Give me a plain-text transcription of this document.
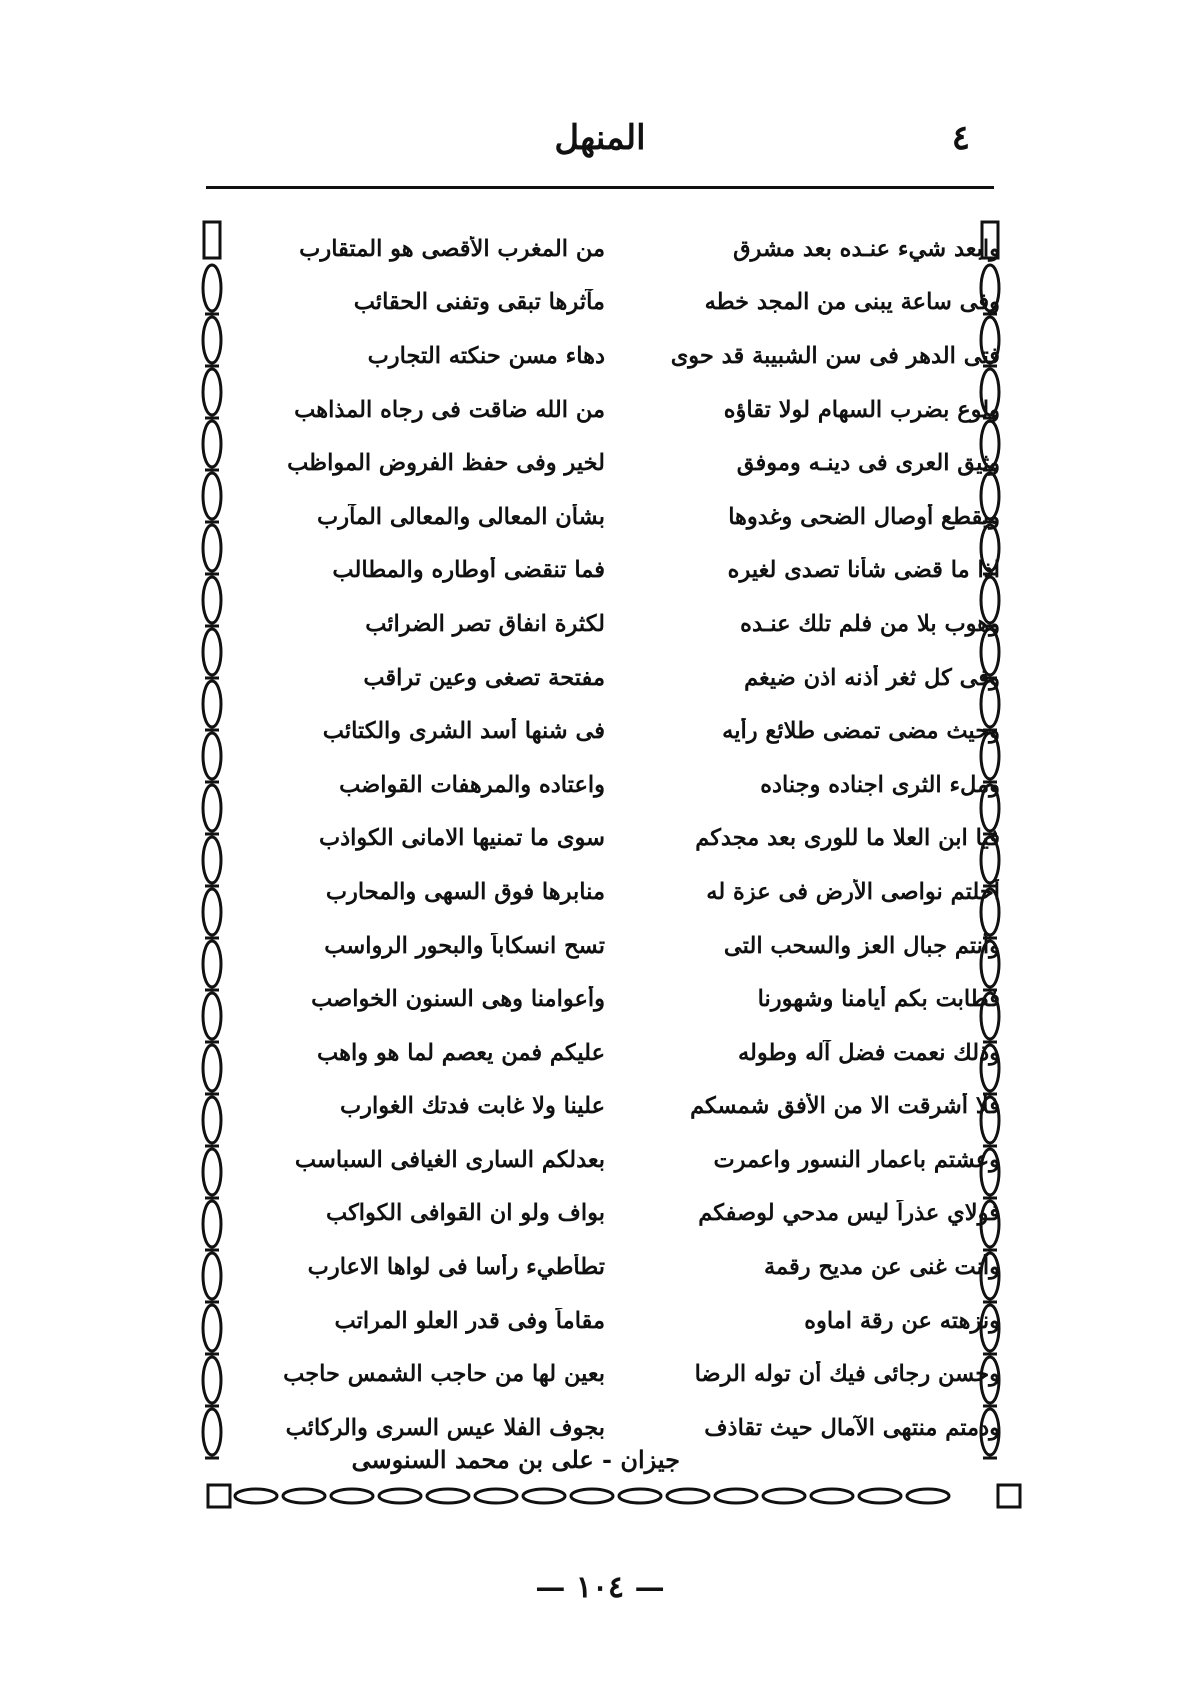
٤
المنهل
وابعد شيء عنـده بعد مشرق
من المغرب الأقصى هو المتقارب
وفى ساعة يبنى من المجد خطه
مآثرها تبقى وتفنى الحقائب
فتى الدهر فى سن الشبيبة قد حوى
دهاء مسن حنكته التجارب
ولوع بضرب السهام لولا تقاؤه
من الله ضاقت فى رجاه المذاهب
وثيق العرى فى دينـه وموفق
لخير وفى حفظ الفروض المواظب
ويقطع أوصال الضحى وغدوها
بشأن المعالى والمعالى المآرب
اذا ما قضى شأنا تصدى لغيره
فما تنقضى أوطاره والمطالب
وهوب بلا من فلم تلك عنـده
لكثرة انفاق تصر الضرائب
وفى كل ثغر أذنه اذن ضيغم
مفتحة تصغى وعين تراقب
وحيث مضى تمضى طلائع رأيه
فى شنها أسد الشرى والكتائب
وملء الثرى اجناده وجناده
واعتاده والمرهفات القواضب
فيا ابن العلا ما للورى بعد مجدكم
سوى ما تمنيها الامانى الكواذب
أحلتم نواصى الأرض فى عزة له
منابرها فوق السهى والمحارب
وأنتم جبال العز والسحب التى
تسح انسكاباً والبحور الرواسب
فطابت بكم أيامنا وشهورنا
وأعوامنا وهى السنون الخواصب
وذلك نعمت فضل آله وطوله
عليكم فمن يعصم لما هو واهب
فلا أشرقت الا من الأفق شمسكم
علينا ولا غابت فدتك الغوارب
وعشتم باعمار النسور واعمرت
بعدلكم السارى الغيافى السباسب
فولاي عذراً ليس مدحي لوصفكم
بواف ولو ان القوافى الكواكب
وأنت غنى عن مديح رقمة
تطأطيء رأسا فى لواها الاعارب
ونزهته عن رقة اماوه
مقاماً وفى قدر العلو المراتب
وحسن رجائى فيك أن توله الرضا
بعين لها من حاجب الشمس حاجب
ودمتم منتهى الآمال حيث تقاذف
بجوف الفلا عيس السرى والركائب
جيزان - على بن محمد السنوسى
— ١٠٤ —
